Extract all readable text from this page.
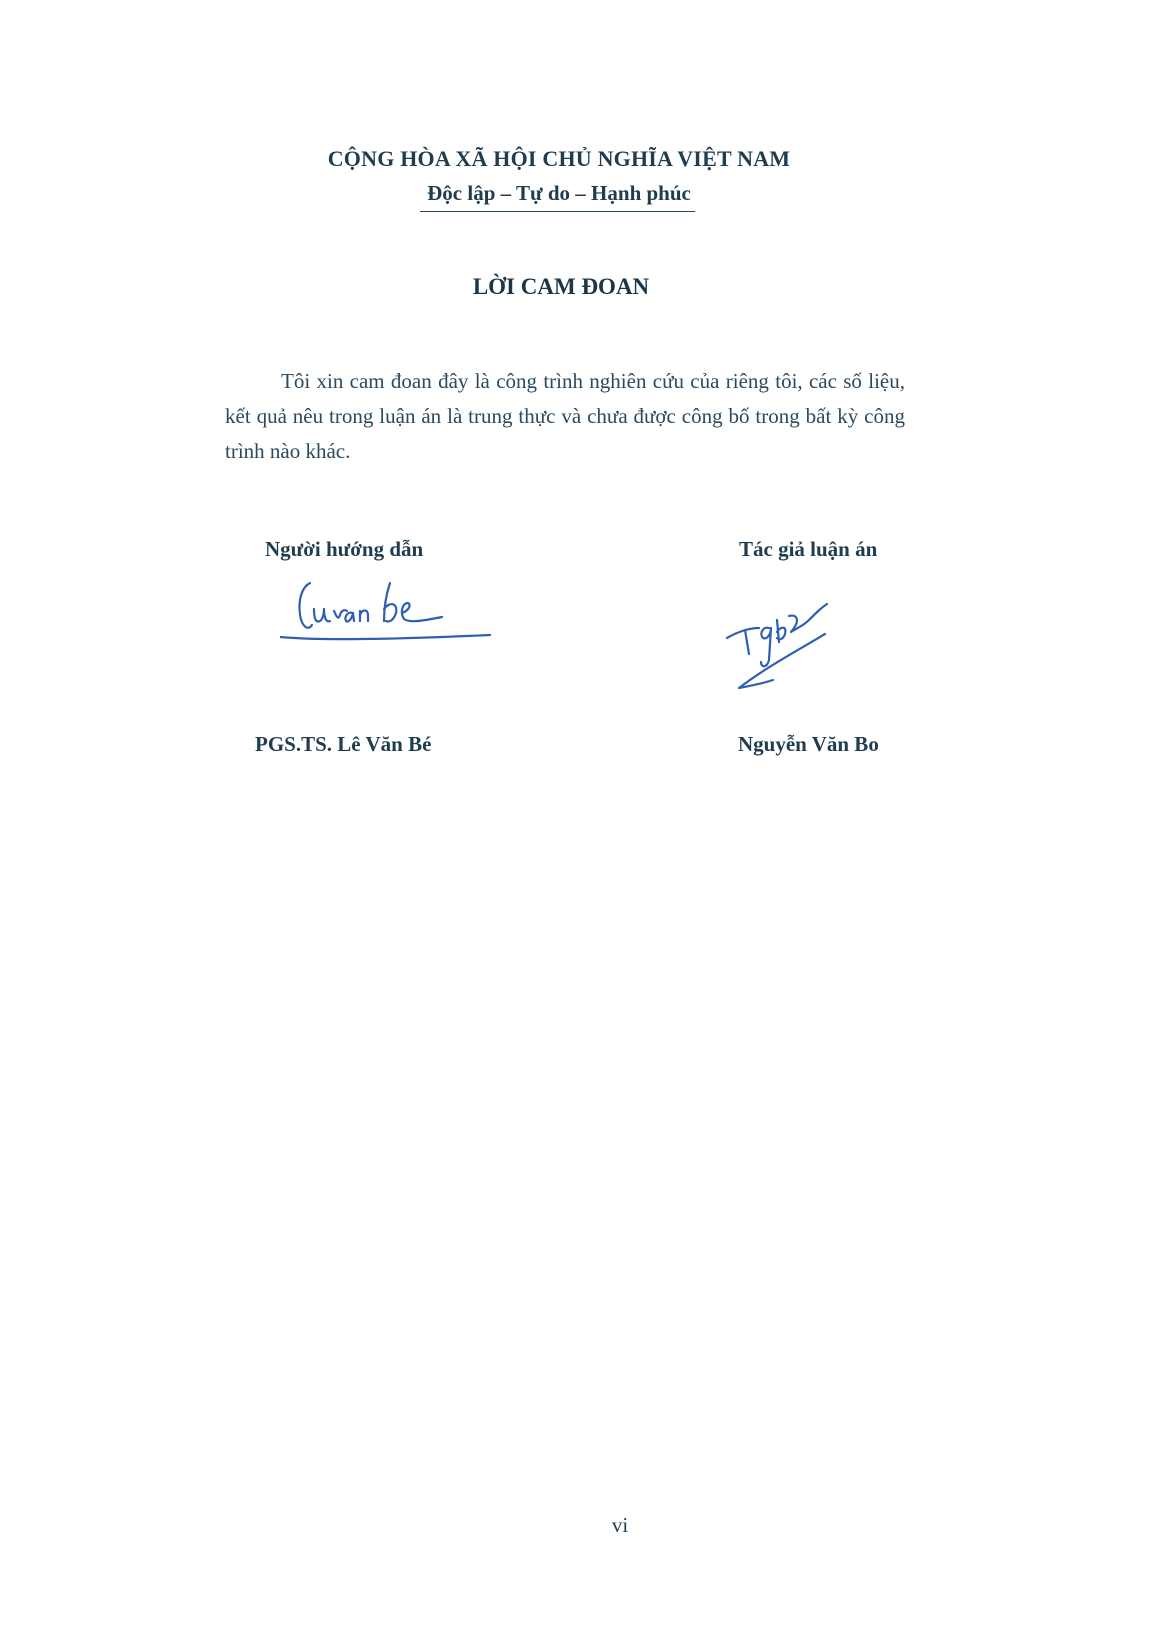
CỘNG HÒA XÃ HỘI CHỦ NGHĨA VIỆT NAM
Độc lập – Tự do – Hạnh phúc
LỜI CAM ĐOAN
Tôi xin cam đoan đây là công trình nghiên cứu của riêng tôi, các số liệu, kết quả nêu trong luận án là trung thực và chưa được công bố trong bất kỳ công trình nào khác.
Người hướng dẫn	Tác giả luận án
PGS.TS. Lê Văn Bé	Nguyễn Văn Bo
vi
